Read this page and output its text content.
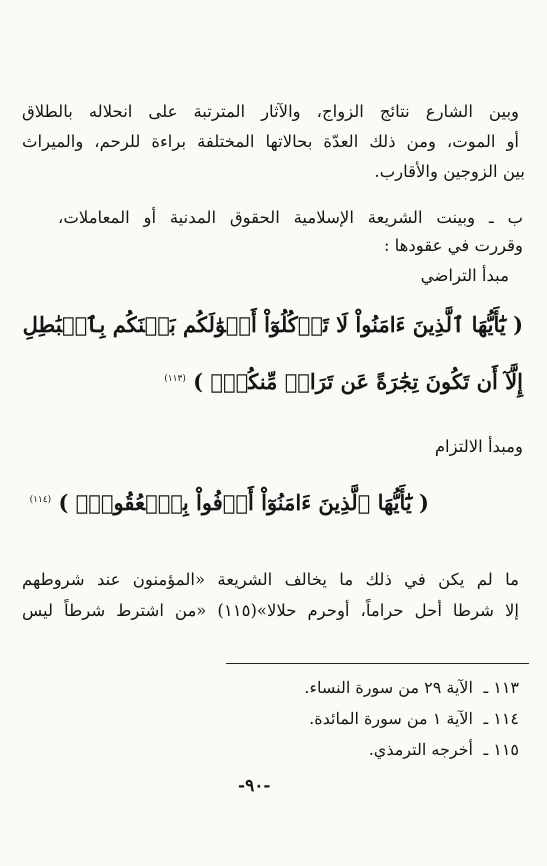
وبين الشارع نتائج الزواج، والآثار المترتبة على انحلاله بالطلاق
أو الموت، ومن ذلك العدّة بحالاتها المختلفة براءة للرحم، والميراث
بين الزوجين والأقارب.
ب ـ وبينت الشريعة الإسلامية الحقوق المدنية أو المعاملات،
وقررت في عقودها :
مبدأ التراضي
( يَٰٓأَيُّهَا ٱلَّذِينَ ءَامَنُواْ لَا تَأۡكُلُوٓاْ أَمۡوَٰلَكُم بَيۡنَكُم بِٱلۡبَٰطِلِ
إِلَّآ أَن تَكُونَ تِجَٰرَةً عَن تَرَاضٖ مِّنكُمۡۚ ) $^{(١١٣)}$
ومبدأ الالتزام
( يَٰٓأَيُّهَا ٱلَّذِينَ ءَامَنُوٓاْ أَوۡفُواْ بِٱلۡعُقُودِۚ ) $^{(١١٤)}$
ما لم يكن في ذلك ما يخالف الشريعة «المؤمنون عند شروطهم
إلا شرطا أحل حراماً، أوحرم حلالا»(١١٥) «من اشترط شرطاً ليس
١١٣ ـ
الآية ٢٩ من سورة النساء.
١١٤ ـ
الآية ١ من سورة المائدة.
١١٥ ـ
أخرجه الترمذي.
-٩٠-
